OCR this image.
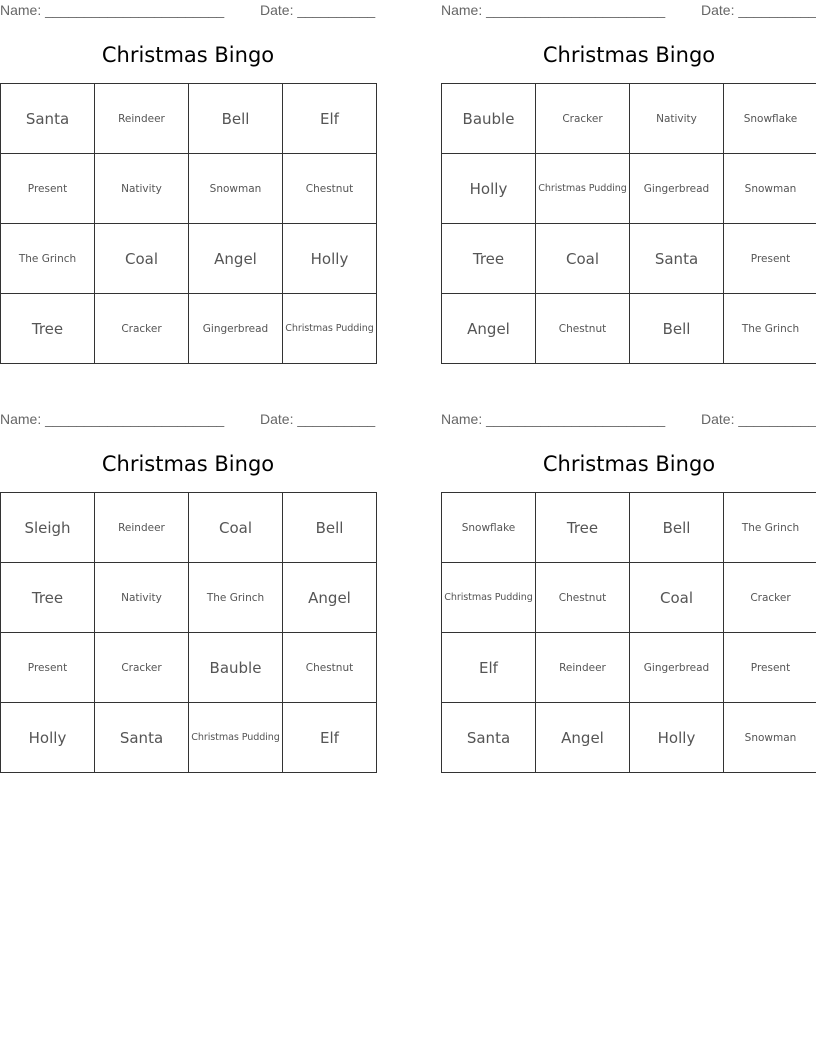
Name: _______________________	Date: __________
Christmas Bingo
Santa	Reindeer	Bell	Elf
Present	Nativity	Snowman	Chestnut
The Grinch	Coal	Angel	Holly
Tree	Cracker	Gingerbread	Christmas Pudding
Name: _______________________	Date: __________
Christmas Bingo
Bauble	Cracker	Nativity	Snowflake
Holly	Christmas Pudding	Gingerbread	Snowman
Tree	Coal	Santa	Present
Angel	Chestnut	Bell	The Grinch
Name: _______________________	Date: __________
Christmas Bingo
Sleigh	Reindeer	Coal	Bell
Tree	Nativity	The Grinch	Angel
Present	Cracker	Bauble	Chestnut
Holly	Santa	Christmas Pudding	Elf
Name: _______________________	Date: __________
Christmas Bingo
Snowflake	Tree	Bell	The Grinch
Christmas Pudding	Chestnut	Coal	Cracker
Elf	Reindeer	Gingerbread	Present
Santa	Angel	Holly	Snowman
